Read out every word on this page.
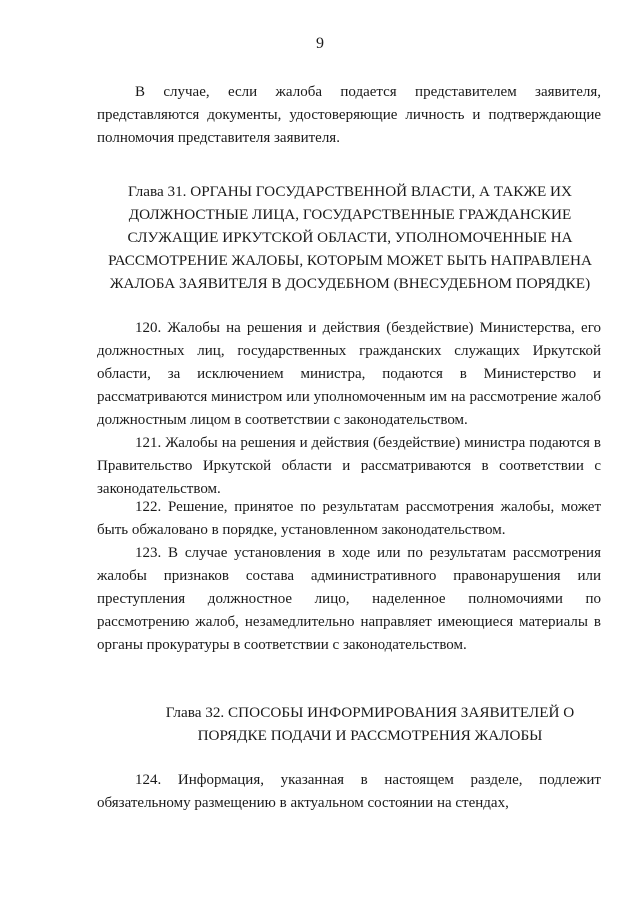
9

В случае, если жалоба подается представителем заявителя, представляются документы, удостоверяющие личность и подтверждающие полномочия представителя заявителя.

Глава 31. ОРГАНЫ ГОСУДАРСТВЕННОЙ ВЛАСТИ, А ТАКЖЕ ИХ ДОЛЖНОСТНЫЕ ЛИЦА, ГОСУДАРСТВЕННЫЕ ГРАЖДАНСКИЕ СЛУЖАЩИЕ ИРКУТСКОЙ ОБЛАСТИ, УПОЛНОМОЧЕННЫЕ НА РАССМОТРЕНИЕ ЖАЛОБЫ, КОТОРЫМ МОЖЕТ БЫТЬ НАПРАВЛЕНА ЖАЛОБА ЗАЯВИТЕЛЯ В ДОСУДЕБНОМ (ВНЕСУДЕБНОМ ПОРЯДКЕ)

120. Жалобы на решения и действия (бездействие) Министерства, его должностных лиц, государственных гражданских служащих Иркутской области, за исключением министра, подаются в Министерство и рассматриваются министром или уполномоченным им на рассмотрение жалоб должностным лицом в соответствии с законодательством.

121. Жалобы на решения и действия (бездействие) министра подаются в Правительство Иркутской области и рассматриваются в соответствии с законодательством.

122. Решение, принятое по результатам рассмотрения жалобы, может быть обжаловано в порядке, установленном законодательством.

123. В случае установления в ходе или по результатам рассмотрения жалобы признаков состава административного правонарушения или преступления должностное лицо, наделенное полномочиями по рассмотрению жалоб, незамедлительно направляет имеющиеся материалы в органы прокуратуры в соответствии с законодательством.

Глава 32. СПОСОБЫ ИНФОРМИРОВАНИЯ ЗАЯВИТЕЛЕЙ О ПОРЯДКЕ ПОДАЧИ И РАССМОТРЕНИЯ ЖАЛОБЫ

124. Информация, указанная в настоящем разделе, подлежит обязательному размещению в актуальном состоянии на стендах,
